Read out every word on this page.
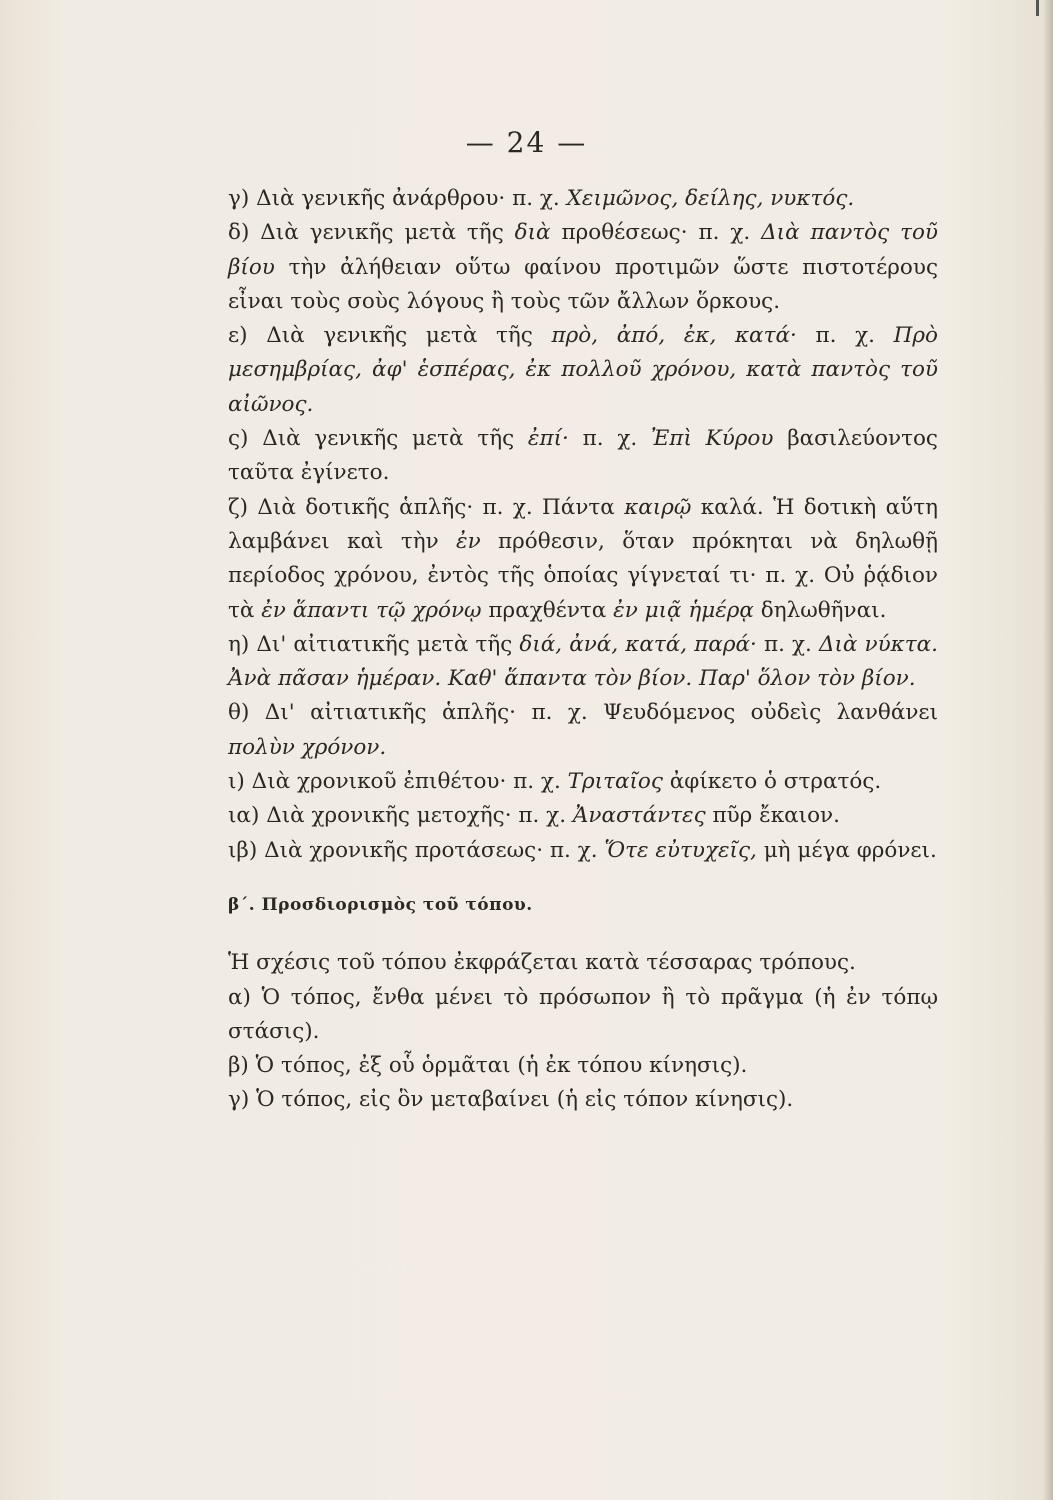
— 24 —

γ) Διὰ γενικῆς ἀνάρθρου· π. χ. Χειμῶνος, δείλης, νυκτός.

δ) Διὰ γενικῆς μετὰ τῆς διὰ προθέσεως· π. χ. Διὰ παντὸς τοῦ βίου τὴν ἀλήθειαν οὕτω φαίνου προτιμῶν ὥστε πιστοτέρους εἶναι τοὺς σοὺς λόγους ἢ τοὺς τῶν ἄλλων ὅρκους.

ε) Διὰ γενικῆς μετὰ τῆς πρὸ, ἀπό, ἐκ, κατά· π. χ. Πρὸ μεσημβρίας, ἀφ' ἑσπέρας, ἐκ πολλοῦ χρόνου, κατὰ παντὸς τοῦ αἰῶνος.

ς) Διὰ γενικῆς μετὰ τῆς ἐπί· π. χ. Ἐπὶ Κύρου βασιλεύοντος ταῦτα ἐγίνετο.

ζ) Διὰ δοτικῆς ἁπλῆς· π. χ. Πάντα καιρῷ καλά. Ἡ δοτικὴ αὕτη λαμβάνει καὶ τὴν ἐν πρόθεσιν, ὅταν πρόκηται νὰ δηλωθῇ περίοδος χρόνου, ἐντὸς τῆς ὁποίας γίγνεταί τι· π. χ. Οὐ ῥᾴδιον τὰ ἐν ἅπαντι τῷ χρόνῳ πραχθέντα ἐν μιᾷ ἡμέρᾳ δηλωθῆναι.

η) Δι' αἰτιατικῆς μετὰ τῆς διά, ἀνά, κατά, παρά· π. χ. Διὰ νύκτα. Ἀνὰ πᾶσαν ἡμέραν. Καθ' ἅπαντα τὸν βίον. Παρ' ὅλον τὸν βίον.

θ) Δι' αἰτιατικῆς ἁπλῆς· π. χ. Ψευδόμενος οὐδεὶς λανθάνει πολὺν χρόνον.

ι) Διὰ χρονικοῦ ἐπιθέτου· π. χ. Τριταῖος ἀφίκετο ὁ στρατός.

ια) Διὰ χρονικῆς μετοχῆς· π. χ. Ἀναστάντες πῦρ ἔκαιον.

ιβ) Διὰ χρονικῆς προτάσεως· π. χ. Ὅτε εὐτυχεῖς, μὴ μέγα φρόνει.

β΄. Προσδιορισμὸς τοῦ τόπου.

Ἡ σχέσις τοῦ τόπου ἐκφράζεται κατὰ τέσσαρας τρόπους.

α) Ὁ τόπος, ἔνθα μένει τὸ πρόσωπον ἢ τὸ πρᾶγμα (ἡ ἐν τόπῳ στάσις).

β) Ὁ τόπος, ἐξ οὗ ὁρμᾶται (ἡ ἐκ τόπου κίνησις).

γ) Ὁ τόπος, εἰς ὃν μεταβαίνει (ἡ εἰς τόπον κίνησις).
